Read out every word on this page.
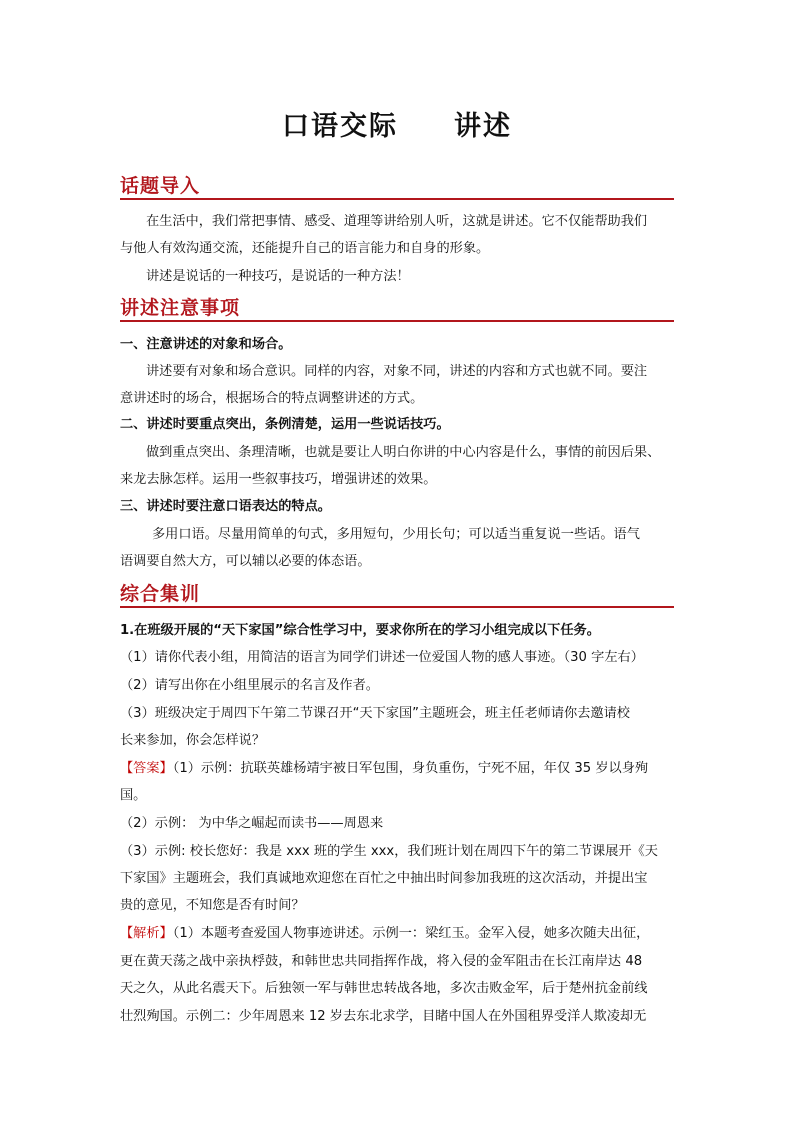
口语交际 讲述
话题导入
在生活中，我们常把事情、感受、道理等讲给别人听，这就是讲述。它不仅能帮助我们
与他人有效沟通交流，还能提升自己的语言能力和自身的形象。
讲述是说话的一种技巧，是说话的一种方法！
讲述注意事项
一、注意讲述的对象和场合。
讲述要有对象和场合意识。同样的内容，对象不同，讲述的内容和方式也就不同。要注
意讲述时的场合，根据场合的特点调整讲述的方式。
二、讲述时要重点突出，条例清楚，运用一些说话技巧。
做到重点突出、条理清晰，也就是要让人明白你讲的中心内容是什么，事情的前因后果、
来龙去脉怎样。运用一些叙事技巧，增强讲述的效果。
三、讲述时要注意口语表达的特点。
多用口语。尽量用简单的句式，多用短句，少用长句；可以适当重复说一些话。语气
语调要自然大方，可以辅以必要的体态语。
综合集训
1.在班级开展的“天下家国”综合性学习中，要求你所在的学习小组完成以下任务。
（1）请你代表小组，用简洁的语言为同学们讲述一位爱国人物的感人事迹。（30 字左右）
（2）请写出你在小组里展示的名言及作者。
（3）班级决定于周四下午第二节课召开“天下家国”主题班会，班主任老师请你去邀请校
长来参加，你会怎样说？
【答案】（1）示例：抗联英雄杨靖宇被日军包围，身负重伤，宁死不屈，年仅 35 岁以身殉
国。
（2）示例： 为中华之崛起而读书——周恩来
（3）示例: 校长您好：我是 xxx 班的学生 xxx，我们班计划在周四下午的第二节课展开《天
下家国》主题班会，我们真诚地欢迎您在百忙之中抽出时间参加我班的这次活动，并提出宝
贵的意见，不知您是否有时间？
【解析】（1）本题考查爱国人物事迹讲述。示例一：梁红玉。金军入侵，她多次随夫出征，
更在黄天荡之战中亲执桴鼓，和韩世忠共同指挥作战，将入侵的金军阻击在长江南岸达 48
天之久，从此名震天下。后独领一军与韩世忠转战各地，多次击败金军，后于楚州抗金前线
壮烈殉国。示例二：少年周恩来 12 岁去东北求学，目睹中国人在外国租界受洋人欺凌却无
